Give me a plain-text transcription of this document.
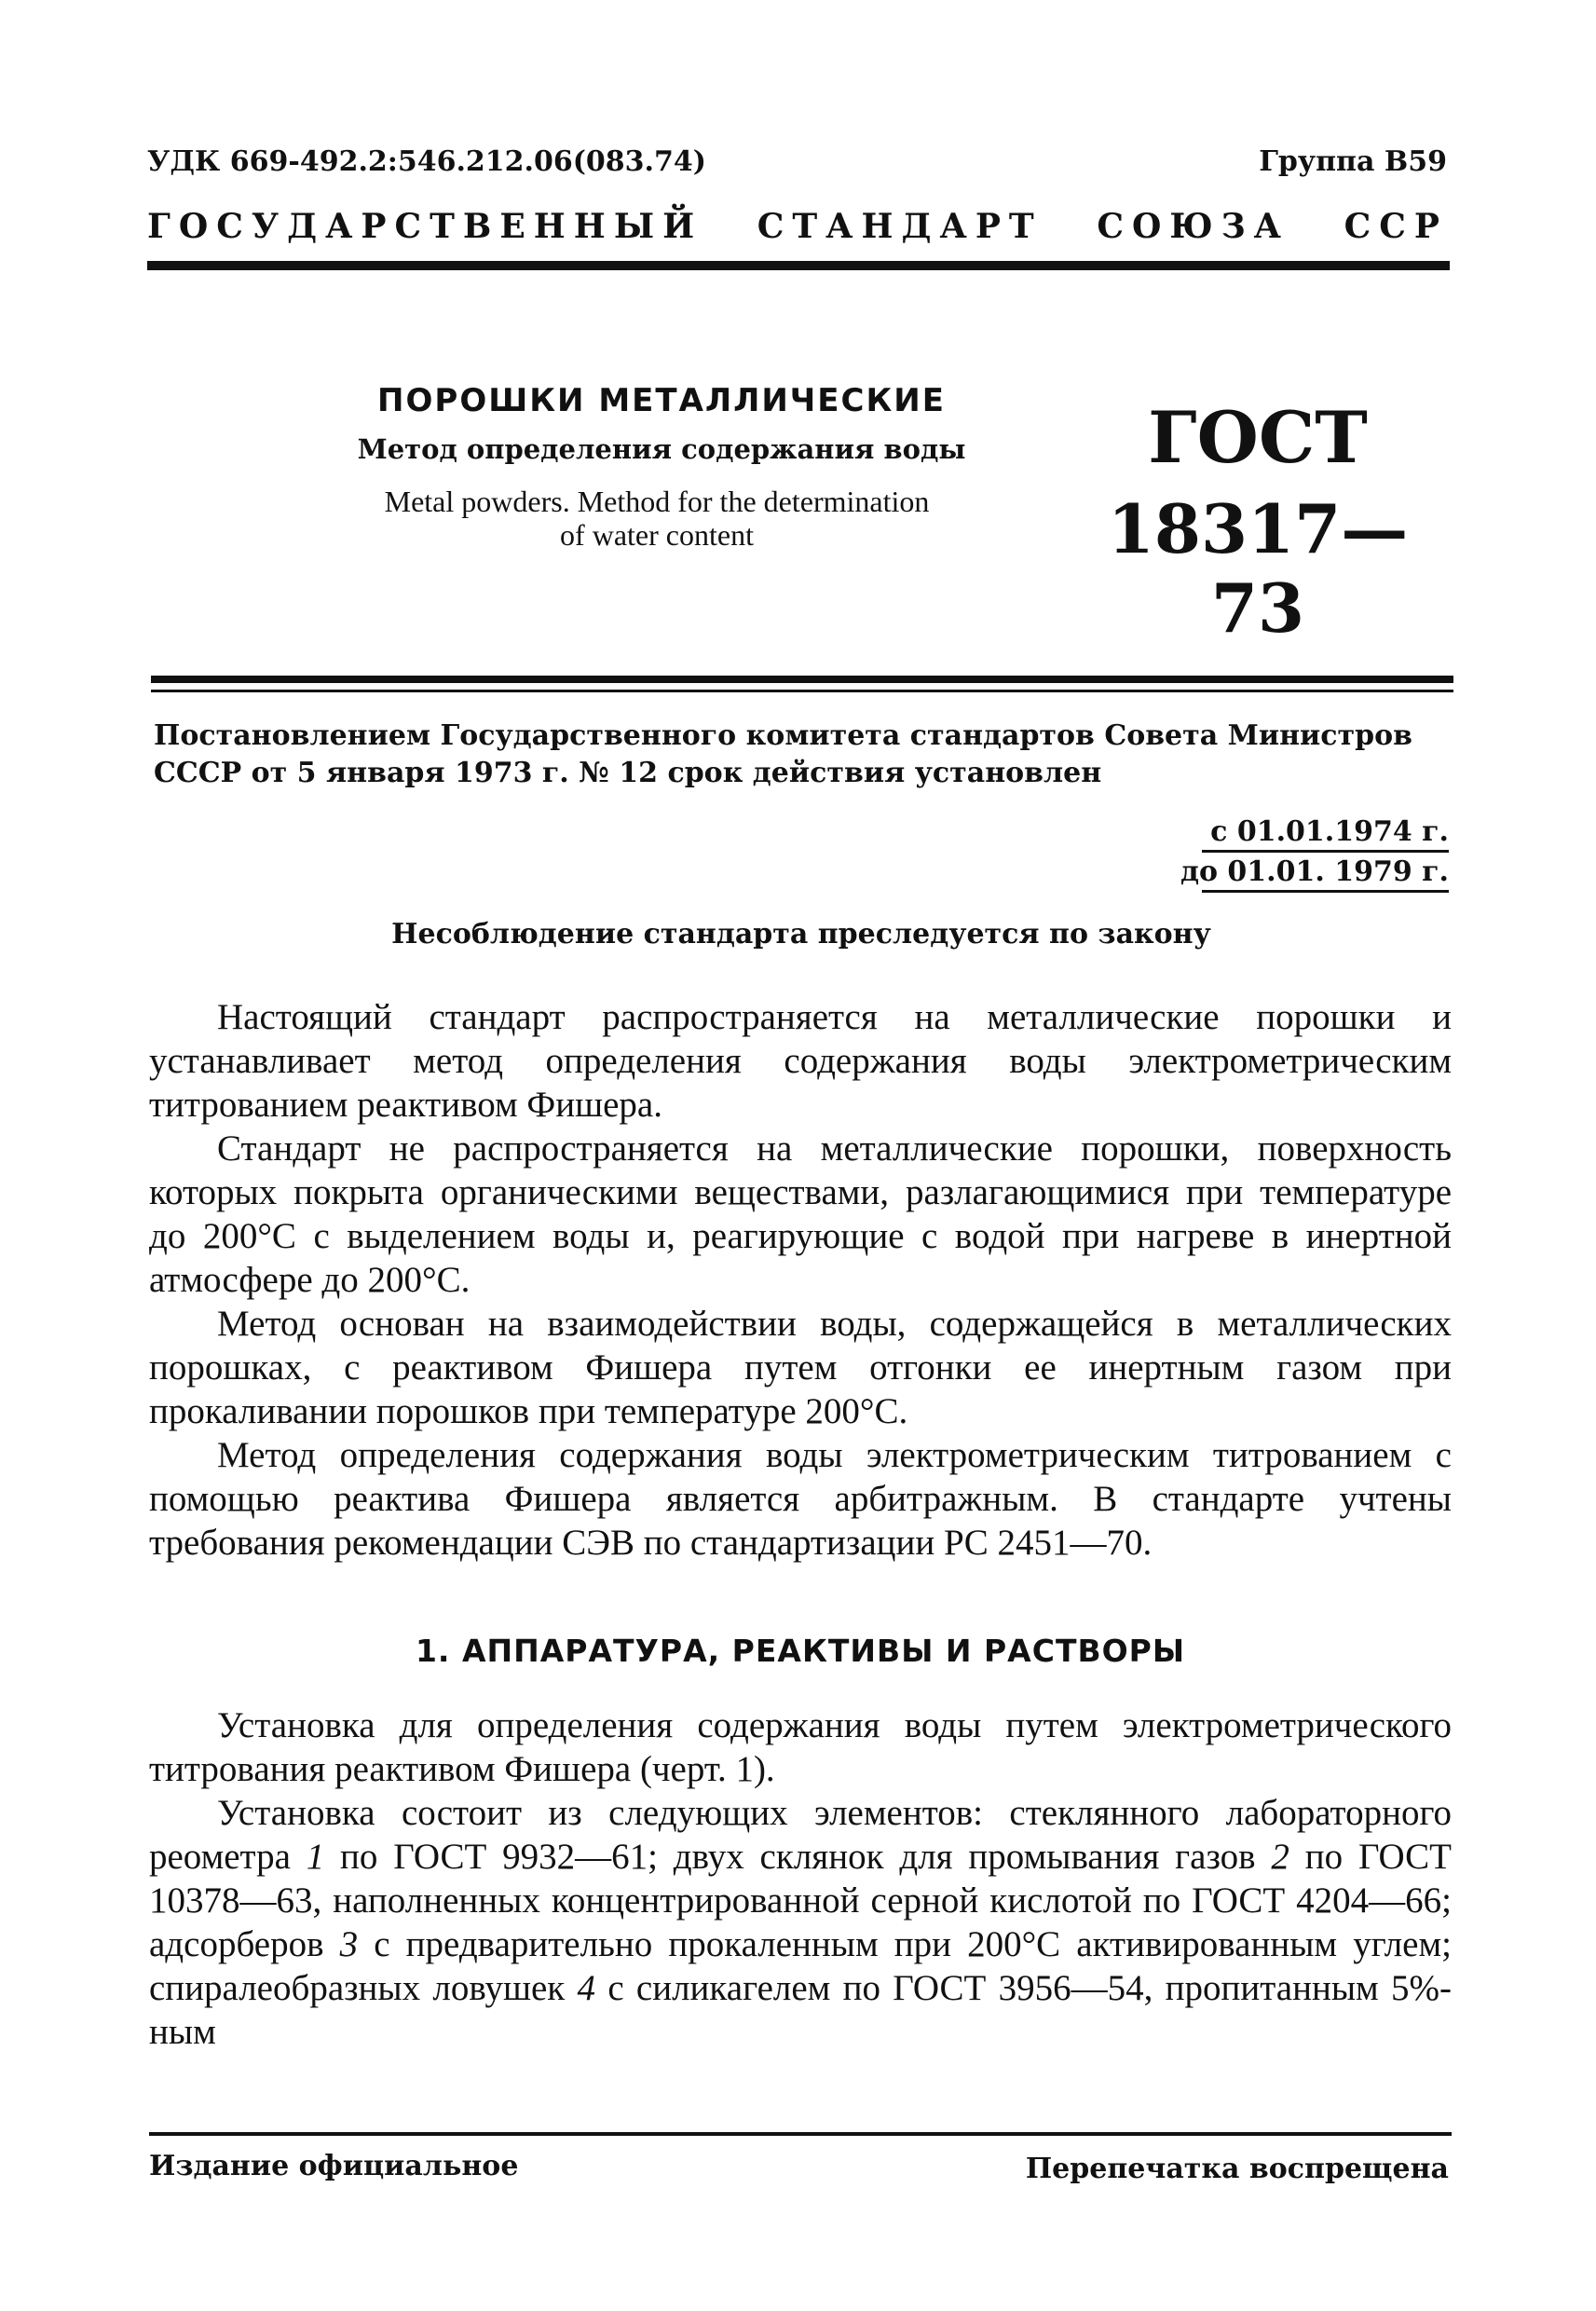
УДК 669-492.2:546.212.06(083.74)	Группа В59
ГОСУДАРСТВЕННЫЙ СТАНДАРТ СОЮЗА ССР
ПОРОШКИ МЕТАЛЛИЧЕСКИЕ
Метод определения содержания воды
Metal powders. Method for the determination
of water content
ГОСТ
18317—73
Постановлением Государственного комитета стандартов Совета Министров СССР от 5 января 1973 г. № 12 срок действия установлен
с 01.01.1974 г.
до 01.01. 1979 г.
Несоблюдение стандарта преследуется по закону

Настоящий стандарт распространяется на металлические порошки и устанавливает метод определения содержания воды электрометрическим титрованием реактивом Фишера.

Стандарт не распространяется на металлические порошки, поверхность которых покрыта органическими веществами, разлагающимися при температуре до 200°С с выделением воды и, реагирующие с водой при нагреве в инертной атмосфере до 200°С.

Метод основан на взаимодействии воды, содержащейся в металлических порошках, с реактивом Фишера путем отгонки ее инертным газом при прокаливании порошков при температуре 200°С.

Метод определения содержания воды электрометрическим титрованием с помощью реактива Фишера является арбитражным. В стандарте учтены требования рекомендации СЭВ по стандартизации PC 2451—70.

1. АППАРАТУРА, РЕАКТИВЫ И РАСТВОРЫ

Установка для определения содержания воды путем электрометрического титрования реактивом Фишера (черт. 1).

Установка состоит из следующих элементов: стеклянного лабораторного реометра 1 по ГОСТ 9932—61; двух склянок для промывания газов 2 по ГОСТ 10378—63, наполненных концентрированной серной кислотой по ГОСТ 4204—66; адсорберов 3 с предварительно прокаленным при 200°С активированным углем; спиралеобразных ловушек 4 с силикагелем по ГОСТ 3956—54, пропитанным 5%-ным

Издание официальное	Перепечатка воспрещена
